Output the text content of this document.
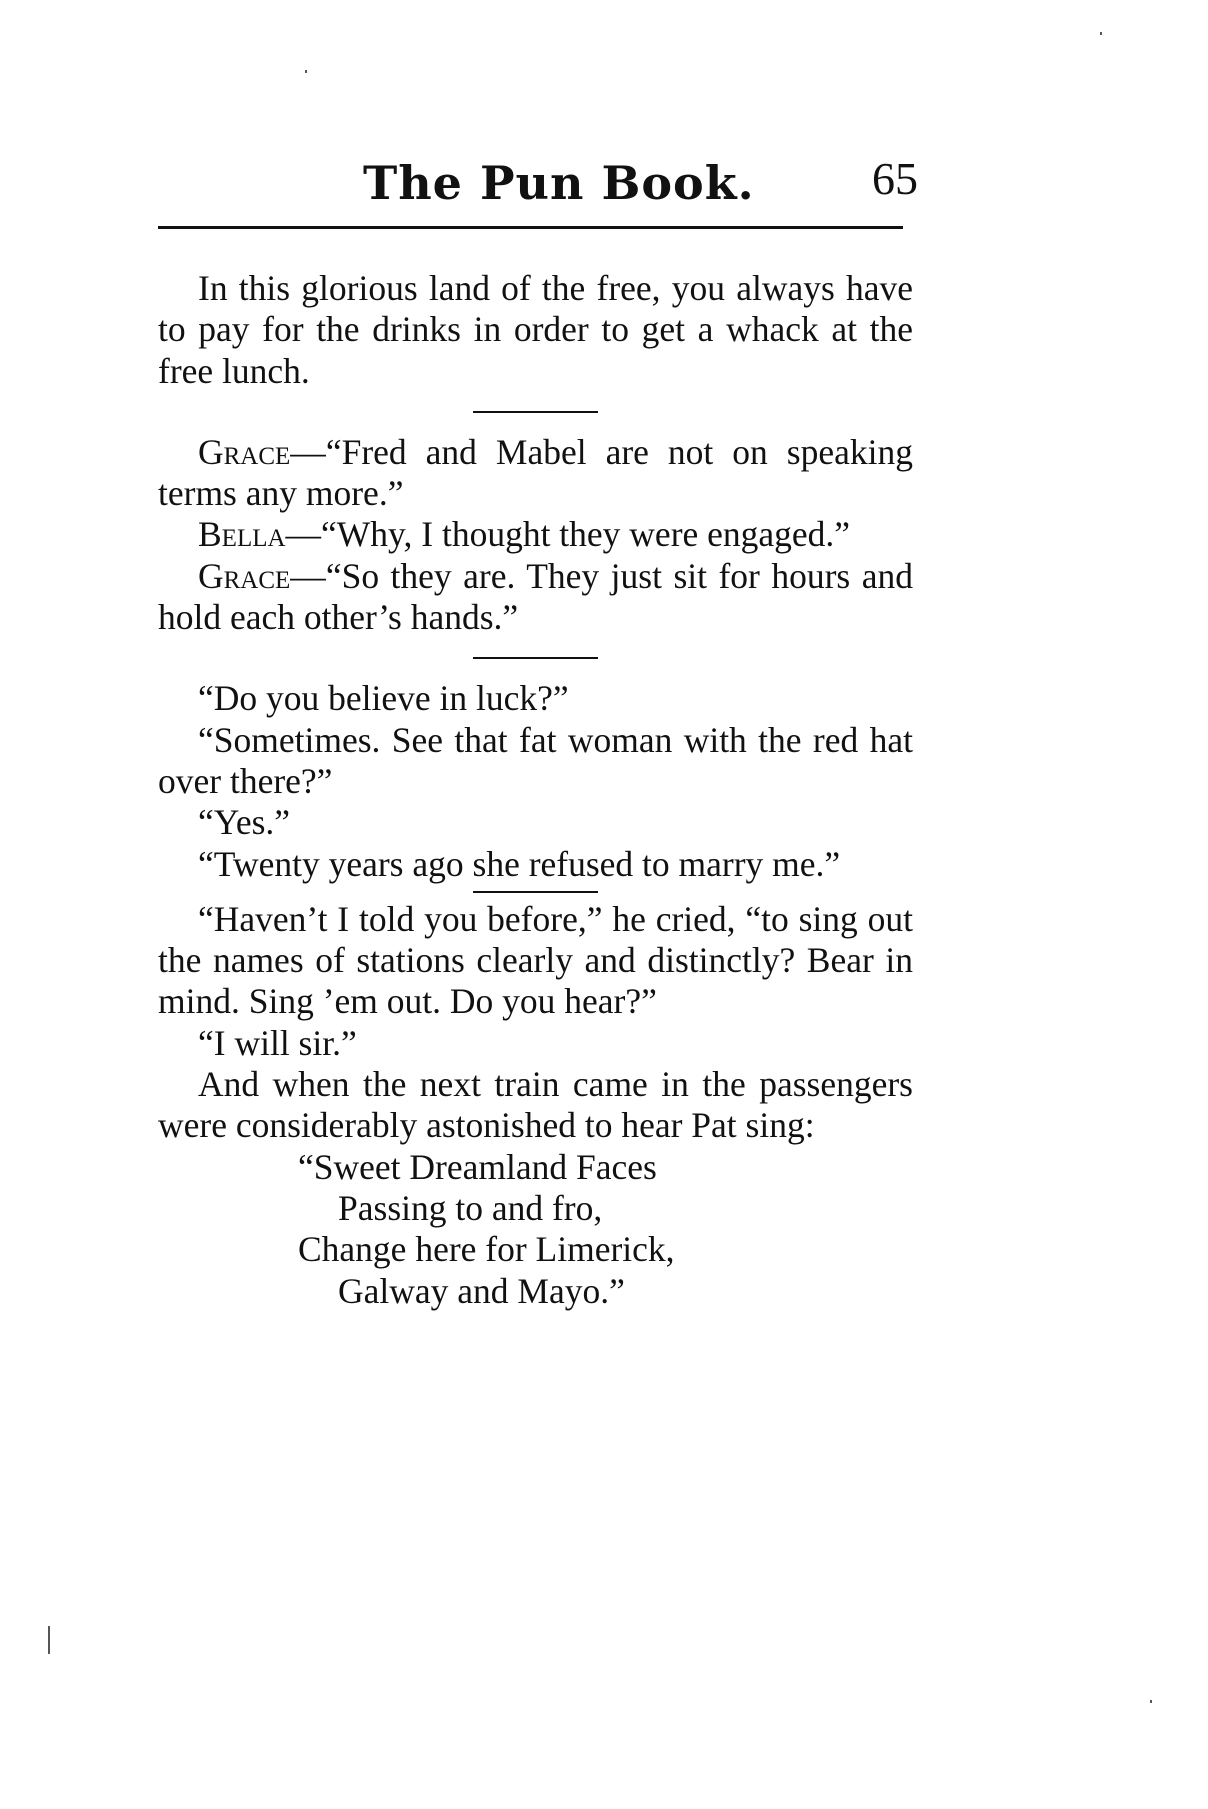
The Pun Book.	65

In this glorious land of the free, you always have to pay for the drinks in order to get a whack at the free lunch.

Grace—“Fred and Mabel are not on speaking terms any more.”

Bella—“Why, I thought they were engaged.”

Grace—“So they are. They just sit for hours and hold each other’s hands.”

“Do you believe in luck?”

“Sometimes. See that fat woman with the red hat over there?”

“Yes.”

“Twenty years ago she refused to marry me.”

“Haven’t I told you before,” he cried, “to sing out the names of stations clearly and distinctly? Bear in mind. Sing ’em out. Do you hear?”

“I will sir.”

And when the next train came in the passengers were considerably astonished to hear Pat sing:

“Sweet Dreamland Faces
Passing to and fro,
Change here for Limerick,
Galway and Mayo.”
